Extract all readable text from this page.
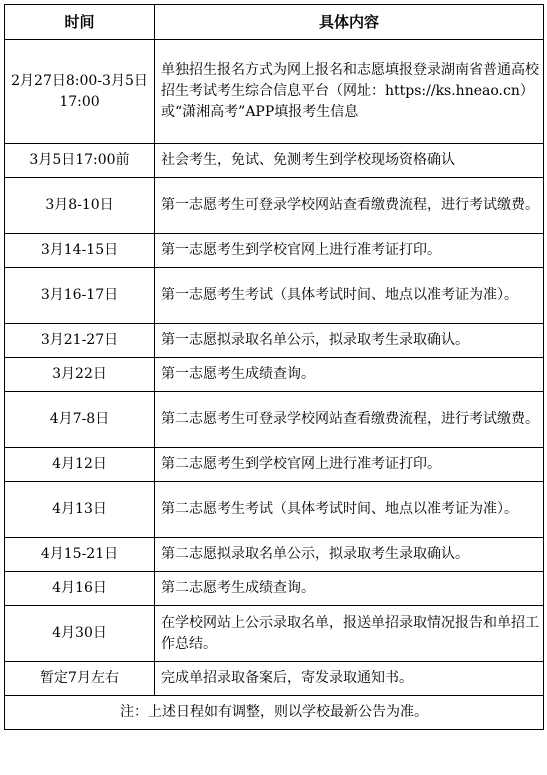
时间	具体内容
2月27日8:00-3月5日17:00	单独招生报名方式为网上报名和志愿填报登录湖南省普通高校招生考试考生综合信息平台（网址：https://ks.hneao.cn）或“潇湘高考”APP填报考生信息
3月5日17:00前	社会考生，免试、免测考生到学校现场资格确认
3月8-10日	第一志愿考生可登录学校网站查看缴费流程，进行考试缴费。
3月14-15日	第一志愿考生到学校官网上进行准考证打印。
3月16-17日	第一志愿考生考试（具体考试时间、地点以准考证为准）。
3月21-27日	第一志愿拟录取名单公示，拟录取考生录取确认。
3月22日	第一志愿考生成绩查询。
4月7-8日	第二志愿考生可登录学校网站查看缴费流程，进行考试缴费。
4月12日	第二志愿考生到学校官网上进行准考证打印。
4月13日	第二志愿考生考试（具体考试时间、地点以准考证为准）。
4月15-21日	第二志愿拟录取名单公示，拟录取考生录取确认。
4月16日	第二志愿考生成绩查询。
4月30日	在学校网站上公示录取名单，报送单招录取情况报告和单招工作总结。
暂定7月左右	完成单招录取备案后，寄发录取通知书。
注：上述日程如有调整，则以学校最新公告为准。	
